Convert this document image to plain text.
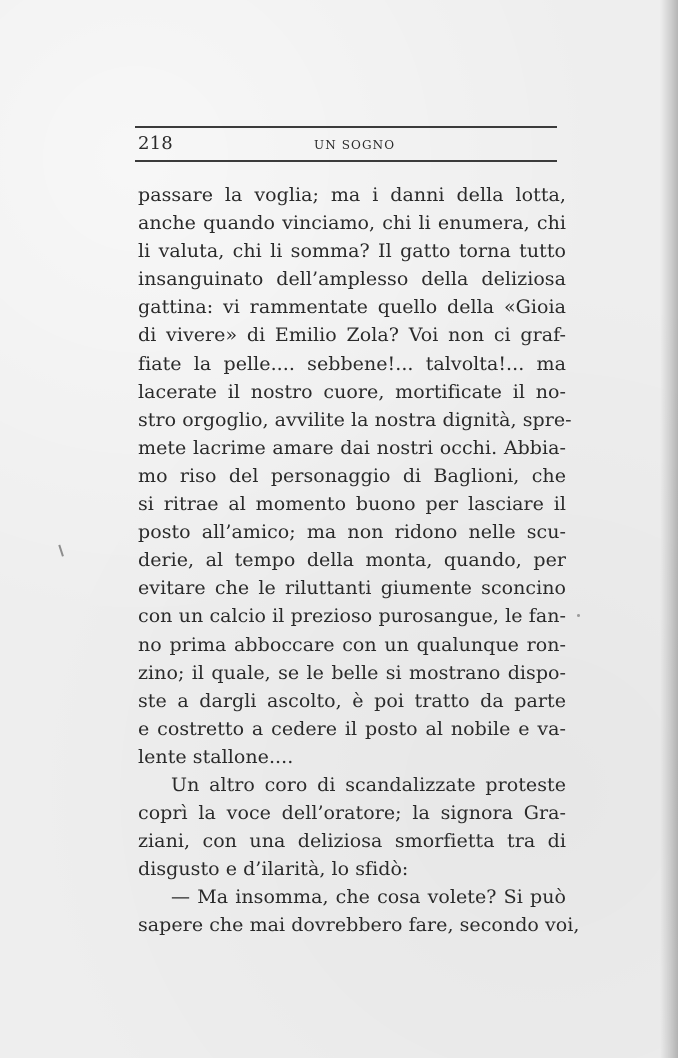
218	UN SOGNO
passare la voglia; ma i danni della lotta,
anche quando vinciamo, chi li enumera, chi
li valuta, chi li somma? Il gatto torna tutto
insanguinato dell’amplesso della deliziosa
gattina: vi rammentate quello della «Gioia
di vivere» di Emilio Zola? Voi non ci graf-
fiate la pelle.... sebbene!... talvolta!... ma
lacerate il nostro cuore, mortificate il no-
stro orgoglio, avvilite la nostra dignità, spre-
mete lacrime amare dai nostri occhi. Abbia-
mo riso del personaggio di Baglioni, che
si ritrae al momento buono per lasciare il
posto all’amico; ma non ridono nelle scu-
derie, al tempo della monta, quando, per
evitare che le riluttanti giumente sconcino
con un calcio il prezioso purosangue, le fan-
no prima abboccare con un qualunque ron-
zino; il quale, se le belle si mostrano dispo-
ste a dargli ascolto, è poi tratto da parte
e costretto a cedere il posto al nobile e va-
lente stallone....
Un altro coro di scandalizzate proteste
coprì la voce dell’oratore; la signora Gra-
ziani, con una deliziosa smorfietta tra di
disgusto e d’ilarità, lo sfidò:
— Ma insomma, che cosa volete? Si può
sapere che mai dovrebbero fare, secondo voi,
